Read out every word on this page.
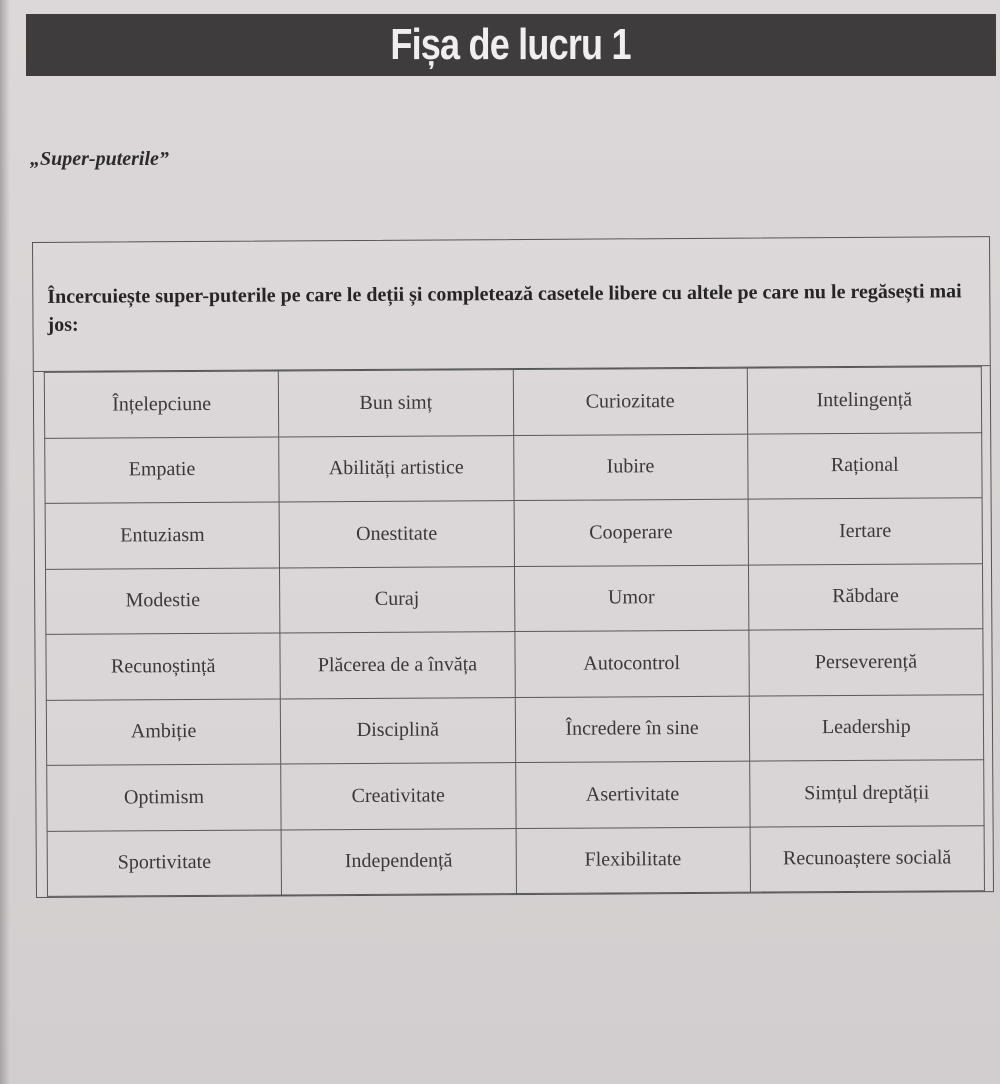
Fișa de lucru 1
„Super-puterile”
Încercuiește super-puterile pe care le deții și completează casetele libere cu altele pe care nu le regăsești mai jos:
Înțelepciune	Bun simț	Curiozitate	Intelingență
Empatie	Abilități artistice	Iubire	Rațional
Entuziasm	Onestitate	Cooperare	Iertare
Modestie	Curaj	Umor	Răbdare
Recunoștință	Plăcerea de a învăța	Autocontrol	Perseverență
Ambiție	Disciplină	Încredere în sine	Leadership
Optimism	Creativitate	Asertivitate	Simțul dreptății
Sportivitate	Independență	Flexibilitate	Recunoaștere socială
